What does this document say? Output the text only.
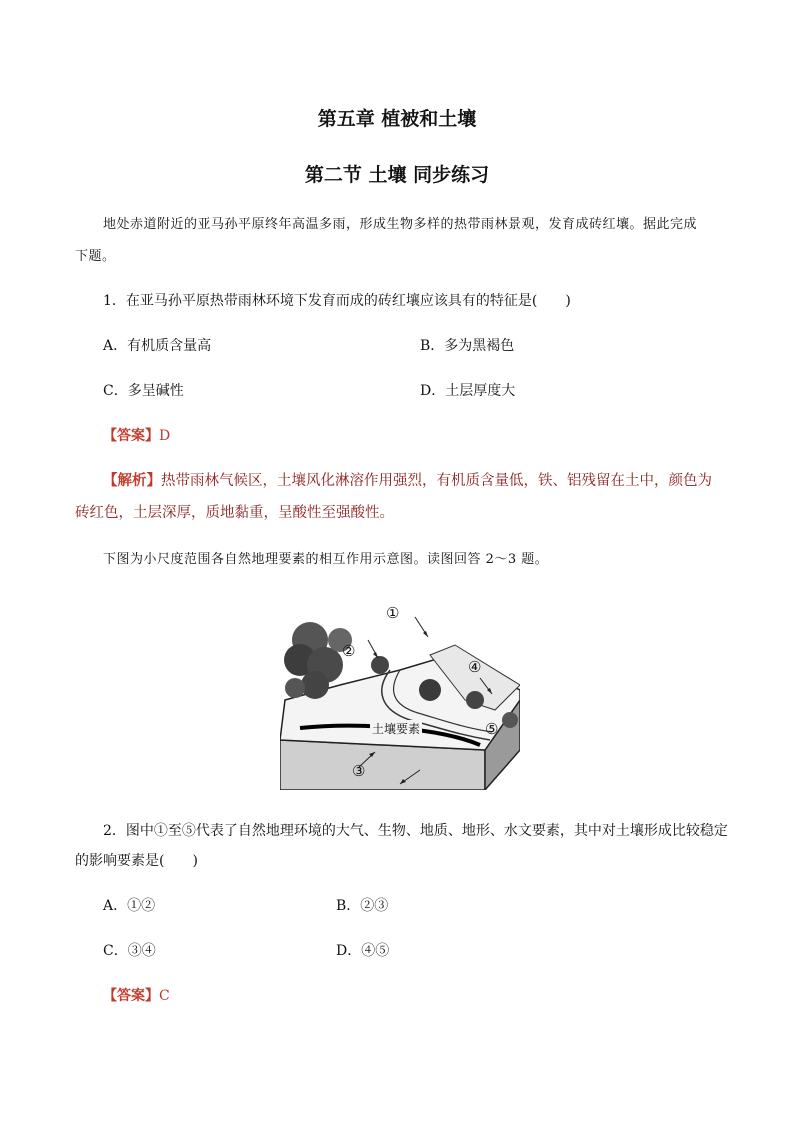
第五章 植被和土壤
第二节 土壤 同步练习
地处赤道附近的亚马孙平原终年高温多雨，形成生物多样的热带雨林景观，发育成砖红壤。据此完成
下题。
1．在亚马孙平原热带雨林环境下发育而成的砖红壤应该具有的特征是(　　)
A．有机质含量高	B．多为黑褐色
C．多呈碱性	D．土层厚度大
【答案】D
【解析】热带雨林气候区，土壤风化淋溶作用强烈，有机质含量低，铁、铝残留在土中，颜色为砖红色，土层深厚，质地黏重，呈酸性至强酸性。
下图为小尺度范围各自然地理要素的相互作用示意图。读图回答 2～3 题。
①
②
③
④
⑤
土壤要素
2．图中①至⑤代表了自然地理环境的大气、生物、地质、地形、水文要素，其中对土壤形成比较稳定
的影响要素是(　　)
A．①②	B．②③
C．③④	D．④⑤
【答案】C
